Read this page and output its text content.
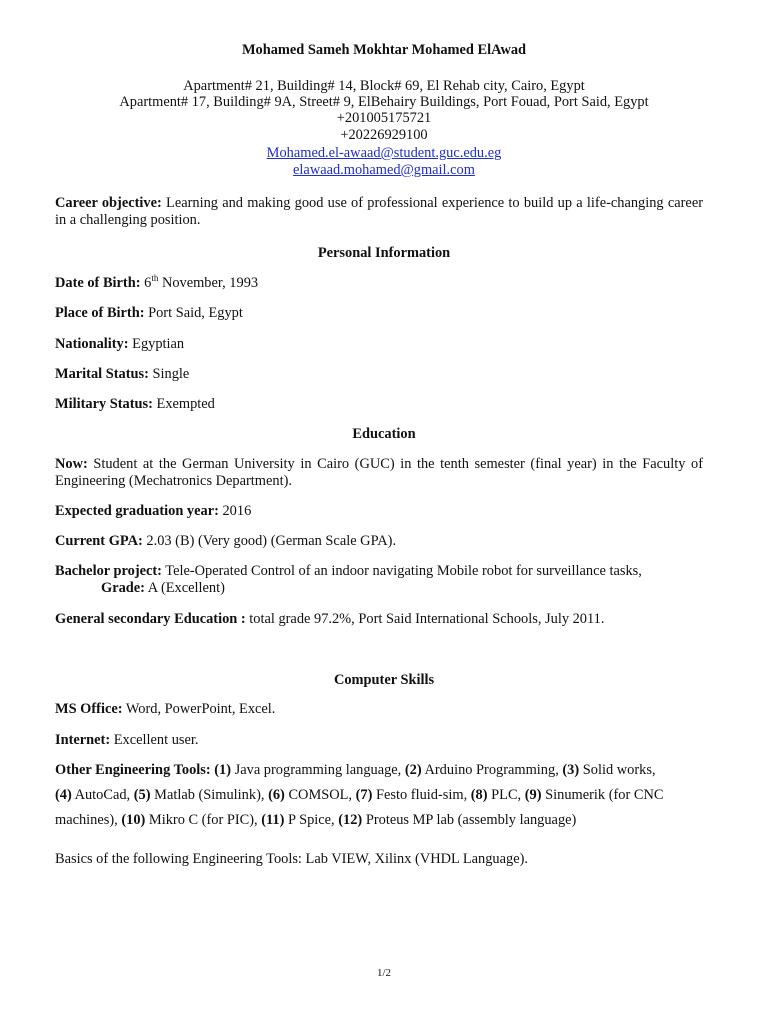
Mohamed Sameh Mokhtar Mohamed ElAwad
Apartment# 21, Building# 14, Block# 69, El Rehab city, Cairo, Egypt
Apartment# 17, Building# 9A, Street# 9, ElBehairy Buildings, Port Fouad, Port Said, Egypt
+201005175721
+20226929100
Mohamed.el-awaad@student.guc.edu.eg
elawaad.mohamed@gmail.com
Career objective: Learning and making good use of professional experience to build up a life-changing career in a challenging position.
Personal Information
Date of Birth: 6th November, 1993
Place of Birth: Port Said, Egypt
Nationality: Egyptian
Marital Status: Single
Military Status: Exempted
Education
Now: Student at the German University in Cairo (GUC) in the tenth semester (final year) in the Faculty of Engineering (Mechatronics Department).
Expected graduation year: 2016
Current GPA: 2.03 (B) (Very good) (German Scale GPA).
Bachelor project: Tele-Operated Control of an indoor navigating Mobile robot for surveillance tasks,
Grade: A (Excellent)
General secondary Education : total grade 97.2%, Port Said International Schools, July 2011.
Computer Skills
MS Office: Word, PowerPoint, Excel.
Internet: Excellent user.
Other Engineering Tools: (1) Java programming language, (2) Arduino Programming, (3) Solid works,
(4) AutoCad, (5) Matlab (Simulink), (6) COMSOL, (7) Festo fluid-sim, (8) PLC, (9) Sinumerik (for CNC
machines), (10) Mikro C (for PIC), (11) P Spice, (12) Proteus MP lab (assembly language)
Basics of the following Engineering Tools: Lab VIEW, Xilinx (VHDL Language).
1/2
